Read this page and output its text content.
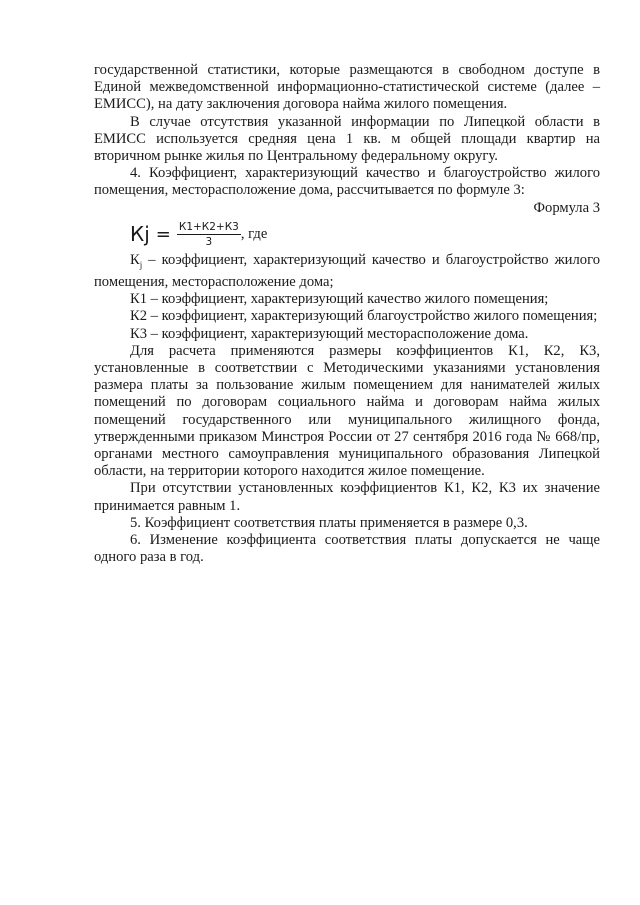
государственной статистики, которые размещаются в свободном доступе в Единой межведомственной информационно-статистической системе (далее – ЕМИСС), на дату заключения договора найма жилого помещения.

В случае отсутствия указанной информации по Липецкой области в ЕМИСС используется средняя цена 1 кв. м общей площади квартир на вторичном рынке жилья по Центральному федеральному округу.

4. Коэффициент, характеризующий качество и благоустройство жилого помещения, месторасположение дома, рассчитывается по формуле 3:

Формула 3

Кj = $\frac{К1+К2+К3}{3}$ , где

$К_j$ – коэффициент, характеризующий качество и благоустройство жилого помещения, месторасположение дома;

К1 – коэффициент, характеризующий качество жилого помещения;

К2 – коэффициент, характеризующий благоустройство жилого помещения;

К3 – коэффициент, характеризующий месторасположение дома.

Для расчета применяются размеры коэффициентов К1, К2, К3, установленные в соответствии с Методическими указаниями установления размера платы за пользование жилым помещением для нанимателей жилых помещений по договорам социального найма и договорам найма жилых помещений государственного или муниципального жилищного фонда, утвержденными приказом Минстроя России от 27 сентября 2016 года № 668/пр, органами местного самоуправления муниципального образования Липецкой области, на территории которого находится жилое помещение.

При отсутствии установленных коэффициентов К1, К2, К3 их значение принимается равным 1.

5. Коэффициент соответствия платы применяется в размере 0,3.

6. Изменение коэффициента соответствия платы допускается не чаще одного раза в год.
